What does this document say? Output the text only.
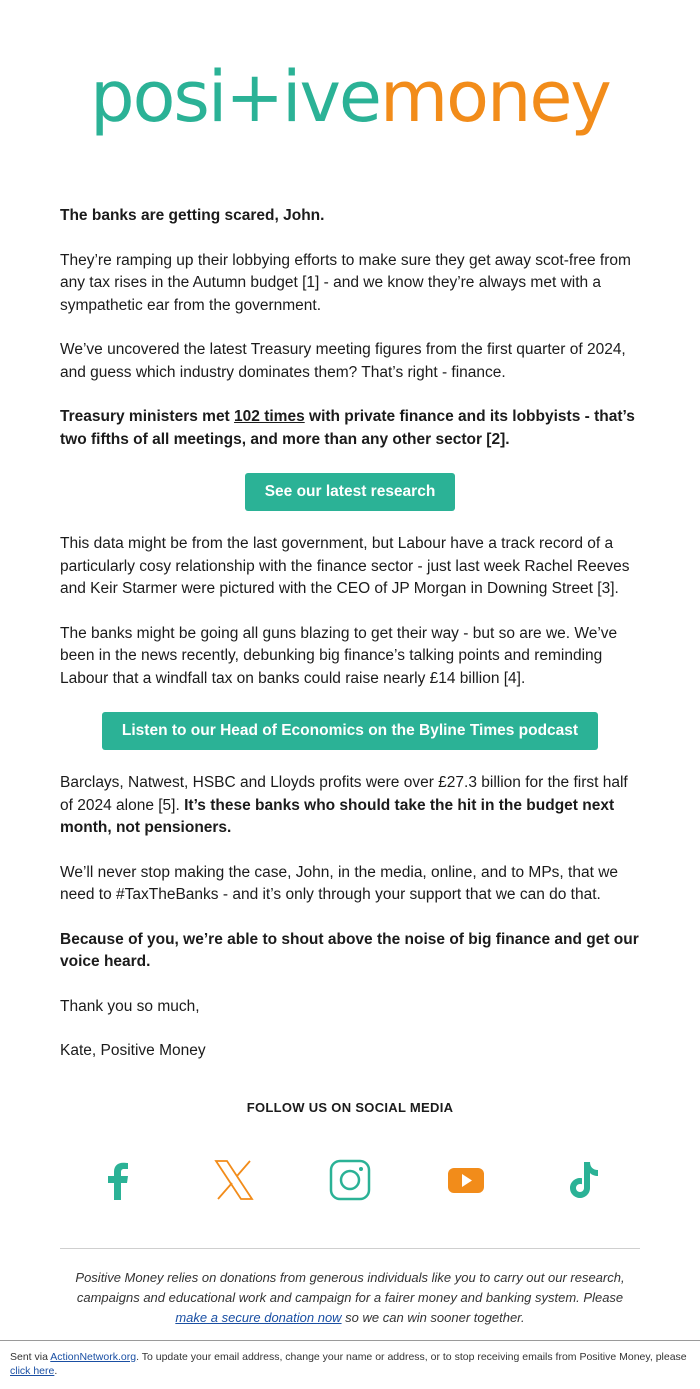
posi+ivemoney

The banks are getting scared, John.

They’re ramping up their lobbying efforts to make sure they get away scot-free from any tax rises in the Autumn budget [1] - and we know they’re always met with a sympathetic ear from the government.

We’ve uncovered the latest Treasury meeting figures from the first quarter of 2024, and guess which industry dominates them? That’s right - finance.

Treasury ministers met 102 times with private finance and its lobbyists - that’s two fifths of all meetings, and more than any other sector [2].

See our latest research

This data might be from the last government, but Labour have a track record of a particularly cosy relationship with the finance sector - just last week Rachel Reeves and Keir Starmer were pictured with the CEO of JP Morgan in Downing Street [3].

The banks might be going all guns blazing to get their way - but so are we. We’ve been in the news recently, debunking big finance’s talking points and reminding Labour that a windfall tax on banks could raise nearly £14 billion [4].

Listen to our Head of Economics on the Byline Times podcast

Barclays, Natwest, HSBC and Lloyds profits were over £27.3 billion for the first half of 2024 alone [5]. It’s these banks who should take the hit in the budget next month, not pensioners.

We’ll never stop making the case, John, in the media, online, and to MPs, that we need to #TaxTheBanks - and it’s only through your support that we can do that.

Because of you, we’re able to shout above the noise of big finance and get our voice heard.

Thank you so much,

Kate, Positive Money

FOLLOW US ON SOCIAL MEDIA
Positive Money relies on donations from generous individuals like you to carry out our research, campaigns and educational work and campaign for a fairer money and banking system. Please make a secure donation now so we can win sooner together.
Sent via ActionNetwork.org. To update your email address, change your name or address, or to stop receiving emails from Positive Money, please click here.
